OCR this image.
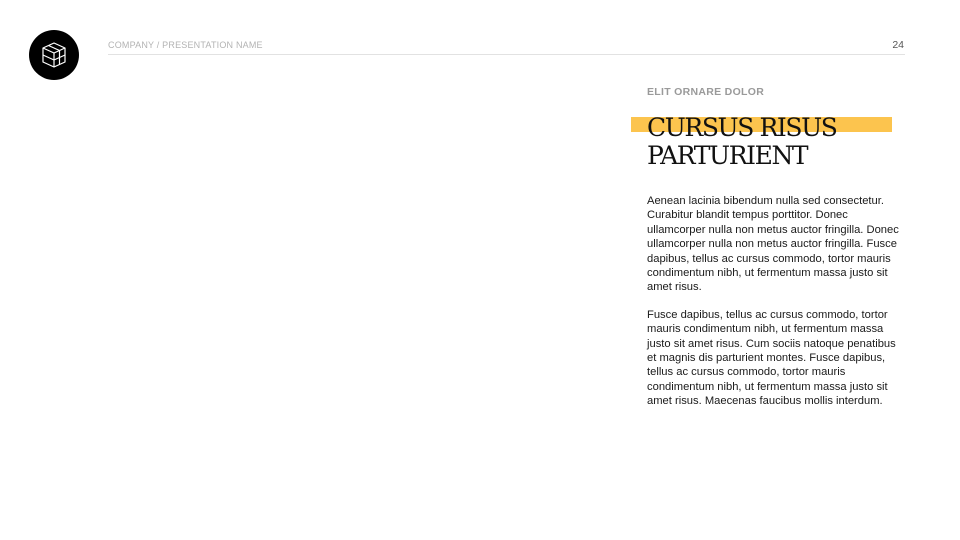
COMPANY / PRESENTATION NAME	24

ELIT ORNARE DOLOR

CURSUS RISUS PARTURIENT

Aenean lacinia bibendum nulla sed consectetur. Curabitur blandit tempus porttitor. Donec ullamcorper nulla non metus auctor fringilla. Donec ullamcorper nulla non metus auctor fringilla. Fusce dapibus, tellus ac cursus commodo, tortor mauris condimentum nibh, ut fermentum massa justo sit amet risus.

Fusce dapibus, tellus ac cursus commodo, tortor mauris condimentum nibh, ut fermentum massa justo sit amet risus. Cum sociis natoque penatibus et magnis dis parturient montes. Fusce dapibus, tellus ac cursus commodo, tortor mauris condimentum nibh, ut fermentum massa justo sit amet risus. Maecenas faucibus mollis interdum.
